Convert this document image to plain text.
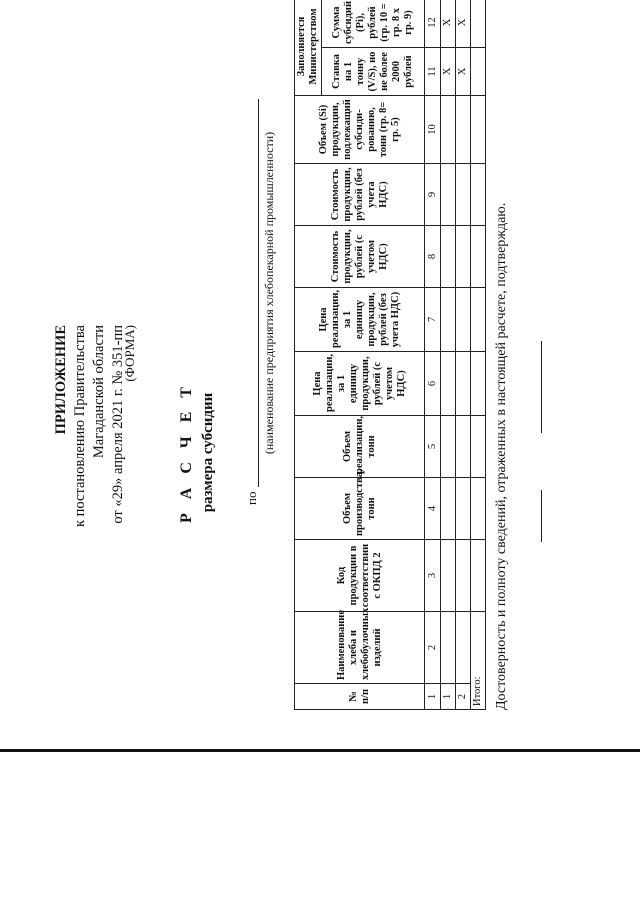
ПРИЛОЖЕНИЕ к постановлению Правительства Магаданской области от «29» апреля 2021 г. № 351-пп
(ФОРМА)
Р А С Ч Е Т размера субсидии по
(наименование предприятия хлебопекарной промышленности)
№ п/п	Наименование хлеба и хлебобулочных изделий	Код продукции в соответствии с ОКПД 2	Объем производства, тонн	Объем реализации, тонн	Цена реализации, за 1 единицу продукции, рублей (с учетом НДС)	Цена реализации, за 1 единицу продукции, рублей (без учета НДС)	Стоимость продукции, рублей (с учетом НДС)	Стоимость продукции, рублей (без учета НДС)	Объем (Si) продукции, подлежащий субсиди-рованию, тонн (гр. 8= гр. 5)	Заполняется Министерством	
										Ставка на 1 тонну (V/S), но не более 2000 рублей	Сумма субсидий (Pi), рублей (гр. 10 = гр. 8 х гр. 9)
1	2	3	4	5	6	7	8	9	10	11	12
1										X	X
2										X	X
Итого:											Достоверность и полноту сведений, отраженных в настоящей расчете, подтверждаю.
